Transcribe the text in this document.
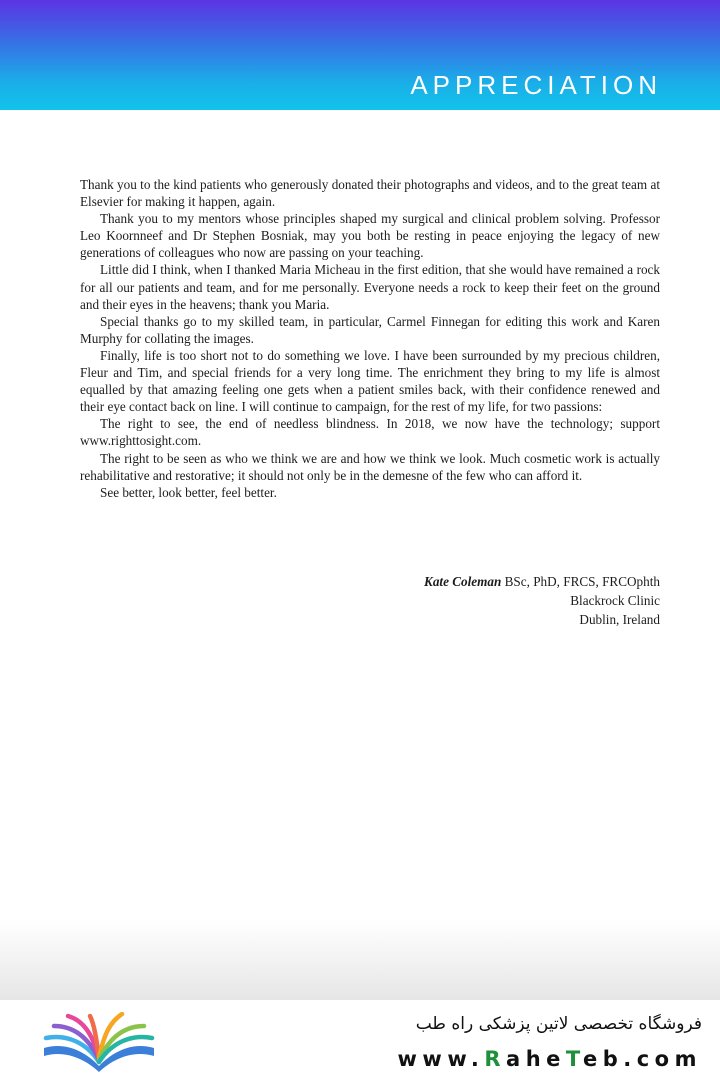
APPRECIATION

Thank you to the kind patients who generously donated their photographs and videos, and to the great team at Elsevier for making it happen, again.

Thank you to my mentors whose principles shaped my surgical and clinical problem solving. Professor Leo Koornneef and Dr Stephen Bosniak, may you both be resting in peace enjoying the legacy of new generations of colleagues who now are passing on your teaching.

Little did I think, when I thanked Maria Micheau in the first edition, that she would have remained a rock for all our patients and team, and for me personally. Everyone needs a rock to keep their feet on the ground and their eyes in the heavens; thank you Maria.

Special thanks go to my skilled team, in particular, Carmel Finnegan for editing this work and Karen Murphy for collating the images.

Finally, life is too short not to do something we love. I have been surrounded by my precious children, Fleur and Tim, and special friends for a very long time. The enrichment they bring to my life is almost equalled by that amazing feeling one gets when a patient smiles back, with their confidence renewed and their eye contact back on line. I will continue to campaign, for the rest of my life, for two passions:

The right to see, the end of needless blindness. In 2018, we now have the technology; support www.righttosight.com.

The right to be seen as who we think we are and how we think we look. Much cosmetic work is actually rehabilitative and restorative; it should not only be in the demesne of the few who can afford it.

See better, look better, feel better.

Kate Coleman BSc, PhD, FRCS, FRCOphth
Blackrock Clinic
Dublin, Ireland
فروشگاه تخصصی لاتین پزشکی راه طب
www.RaheTeb.com
